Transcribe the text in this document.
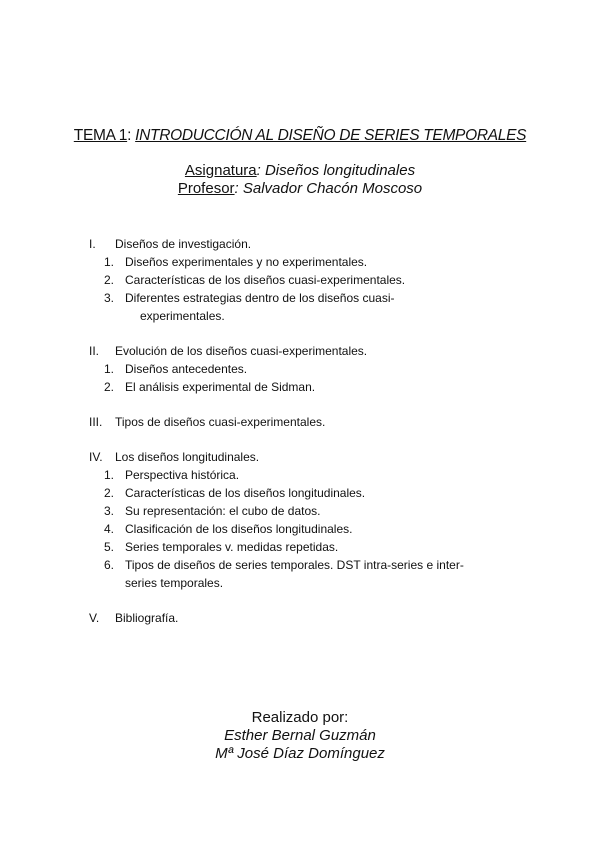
TEMA 1: INTRODUCCIÓN AL DISEÑO DE SERIES TEMPORALES
Asignatura: Diseños longitudinales
Profesor: Salvador Chacón Moscoso
I. Diseños de investigación.
1. Diseños experimentales y no experimentales.
2. Características de los diseños cuasi-experimentales.
3. Diferentes estrategias dentro de los diseños cuasi-
experimentales.
II. Evolución de los diseños cuasi-experimentales.
1. Diseños antecedentes.
2. El análisis experimental de Sidman.
III. Tipos de diseños cuasi-experimentales.
IV. Los diseños longitudinales.
1. Perspectiva histórica.
2. Características de los diseños longitudinales.
3. Su representación: el cubo de datos.
4. Clasificación de los diseños longitudinales.
5. Series temporales v. medidas repetidas.
6. Tipos de diseños de series temporales. DST intra-series e inter-
series temporales.
V. Bibliografía.
Realizado por:
Esther Bernal Guzmán
Mª José Díaz Domínguez
